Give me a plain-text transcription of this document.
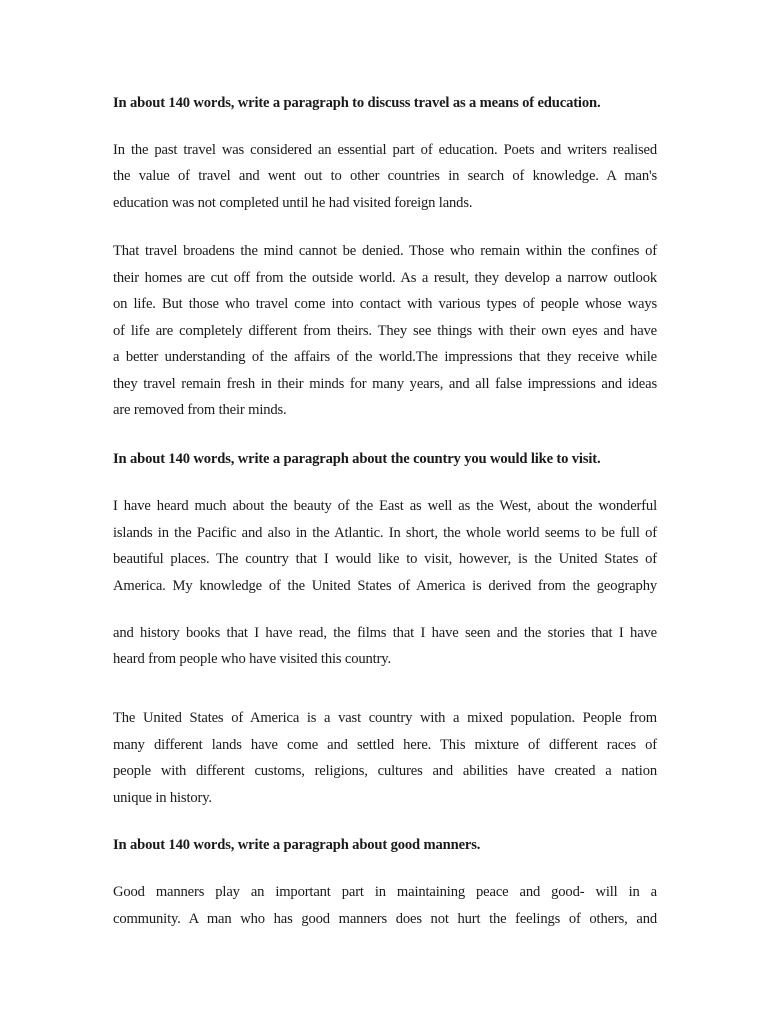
In about 140 words, write a paragraph to discuss travel as a means of education.
In the past travel was considered an essential part of education. Poets and writers realised
the value of travel and went out to other countries in search of knowledge. A man's
education was not completed until he had visited foreign lands.
That travel broadens the mind cannot be denied. Those who remain within the confines of
their homes are cut off from the outside world. As a result, they develop a narrow outlook
on life. But those who travel come into contact with various types of people whose ways
of life are completely different from theirs. They see things with their own eyes and have
a better understanding of the affairs of the world.The impressions that they receive while
they travel remain fresh in their minds for many years, and all false impressions and ideas
are removed from their minds.
In about 140 words, write a paragraph about the country you would like to visit.
I have heard much about the beauty of the East as well as the West, about the wonderful
islands in the Pacific and also in the Atlantic. In short, the whole world seems to be full of
beautiful places. The country that I would like to visit, however, is the United States of
America. My knowledge of the United States of America is derived from the geography
and history books that I have read, the films that I have seen and the stories that I have
heard from people who have visited this country.
The United States of America is a vast country with a mixed population. People from
many different lands have come and settled here. This mixture of different races of
people with different customs, religions, cultures and abilities have created a nation
unique in history.
In about 140 words, write a paragraph about good manners.
Good manners play an important part in maintaining peace and good- will in a
community. A man who has good manners does not hurt the feelings of others, and
